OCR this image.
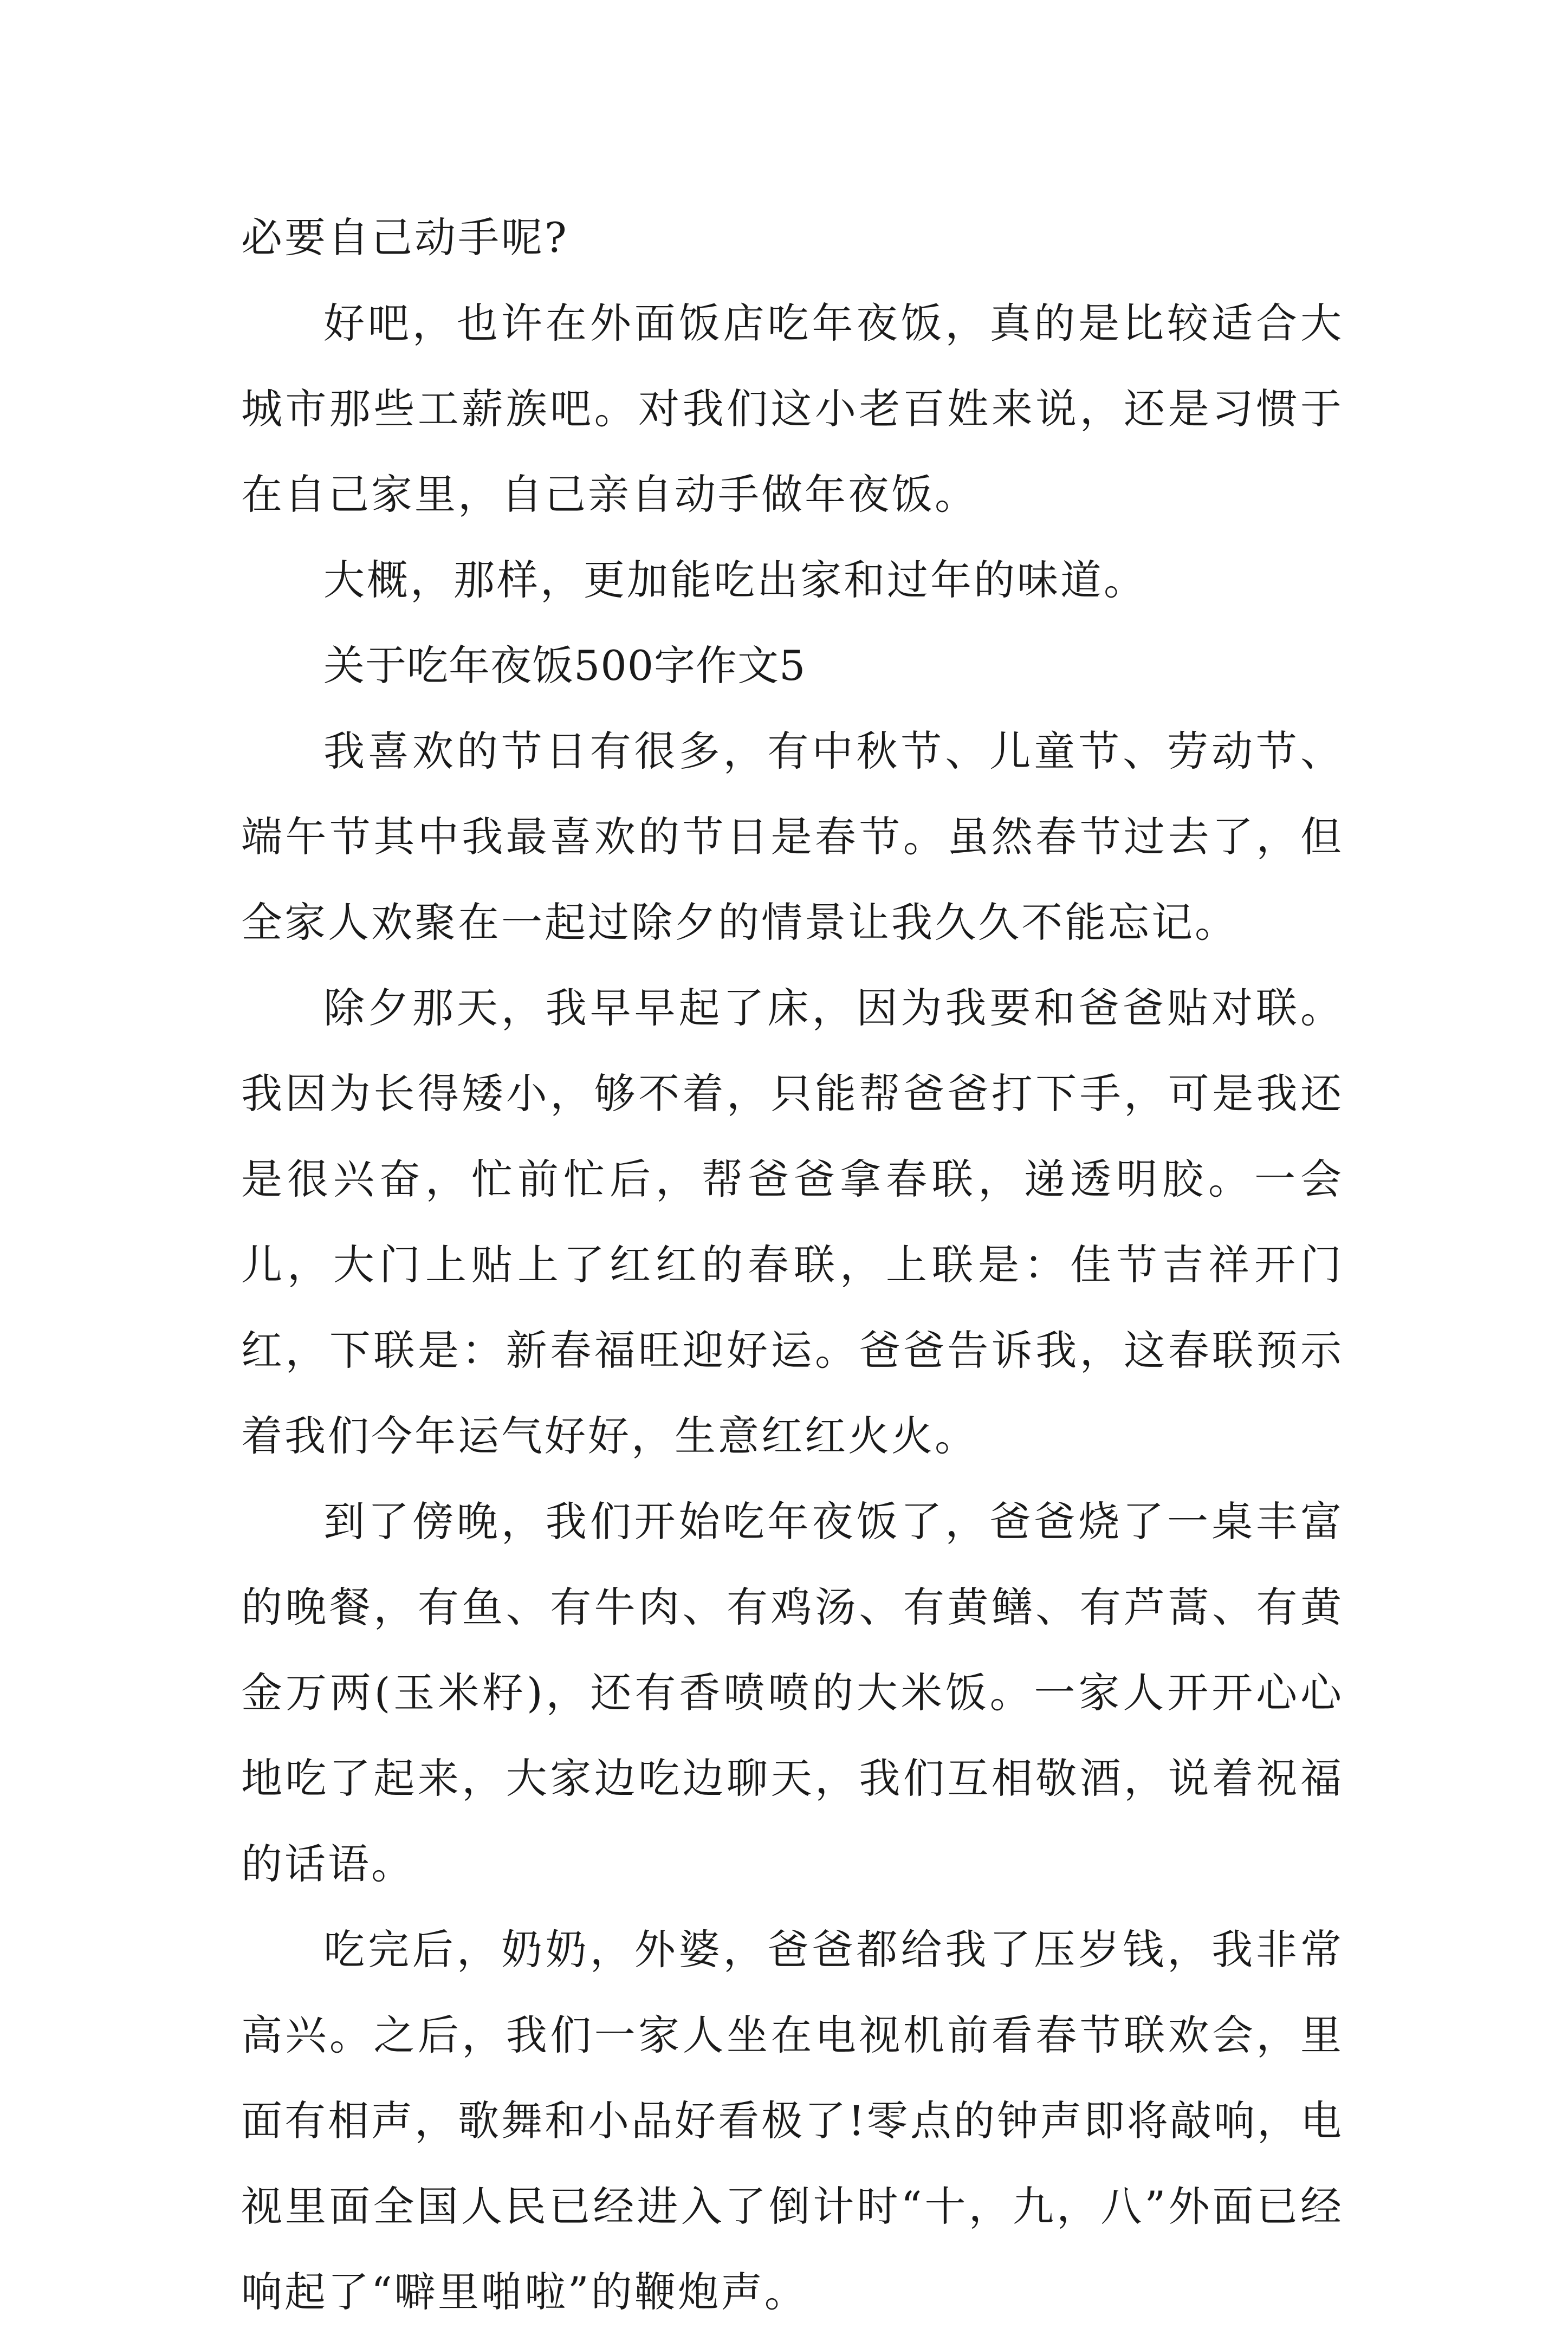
必要自己动手呢?

好吧，也许在外面饭店吃年夜饭，真的是比较适合大城市那些工薪族吧。对我们这小老百姓来说，还是习惯于在自己家里，自己亲自动手做年夜饭。

大概，那样，更加能吃出家和过年的味道。

关于吃年夜饭500字作文5

我喜欢的节日有很多，有中秋节、儿童节、劳动节、端午节其中我最喜欢的节日是春节。虽然春节过去了，但全家人欢聚在一起过除夕的情景让我久久不能忘记。

除夕那天，我早早起了床，因为我要和爸爸贴对联。我因为长得矮小，够不着，只能帮爸爸打下手，可是我还是很兴奋，忙前忙后，帮爸爸拿春联，递透明胶。一会儿，大门上贴上了红红的春联，上联是：佳节吉祥开门红，下联是：新春福旺迎好运。爸爸告诉我，这春联预示着我们今年运气好好，生意红红火火。

到了傍晚，我们开始吃年夜饭了，爸爸烧了一桌丰富的晚餐，有鱼、有牛肉、有鸡汤、有黄鳝、有芦蒿、有黄金万两(玉米籽)，还有香喷喷的大米饭。一家人开开心心地吃了起来，大家边吃边聊天，我们互相敬酒，说着祝福的话语。

吃完后，奶奶，外婆，爸爸都给我了压岁钱，我非常高兴。之后，我们一家人坐在电视机前看春节联欢会，里面有相声，歌舞和小品好看极了!零点的钟声即将敲响，电视里面全国人民已经进入了倒计时“十，九，八”外面已经响起了“噼里啪啦”的鞭炮声。
